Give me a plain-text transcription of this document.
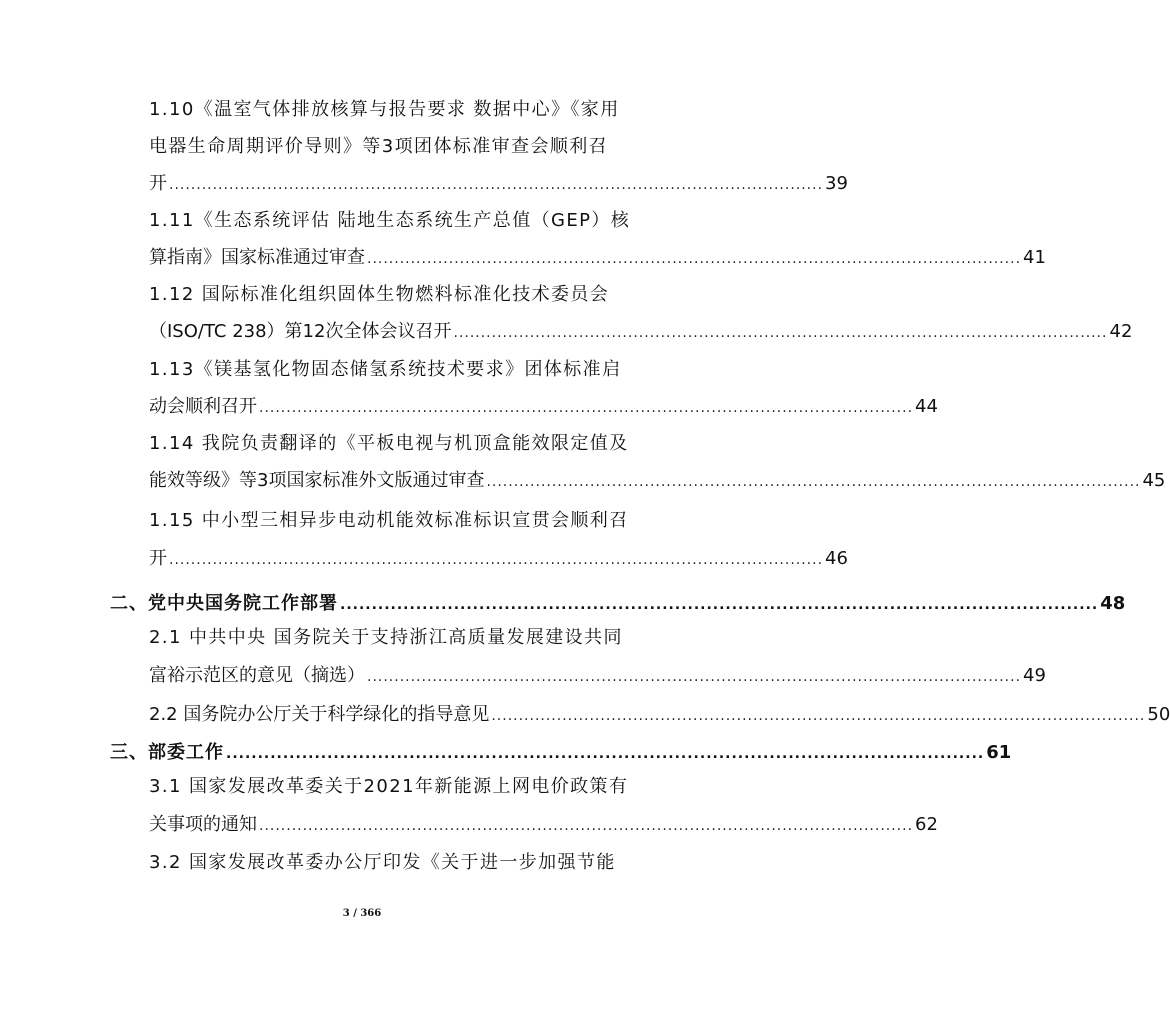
1.10《温室气体排放核算与报告要求 数据中心》《家用
电器生命周期评价导则》等3项团体标准审查会顺利召
开 ........................................................................................................................ 39
1.11《生态系统评估 陆地生态系统生产总值（GEP）核
算指南》国家标准通过审查 ........................................................................................................................ 41
1.12 国际标准化组织固体生物燃料标准化技术委员会
（ISO/TC 238）第12次全体会议召开 ........................................................................................................................ 42
1.13《镁基氢化物固态储氢系统技术要求》团体标准启
动会顺利召开 ........................................................................................................................ 44
1.14 我院负责翻译的《平板电视与机顶盒能效限定值及
能效等级》等3项国家标准外文版通过审查 ........................................................................................................................ 45
1.15 中小型三相异步电动机能效标准标识宣贯会顺利召
开 ........................................................................................................................ 46
二、党中央国务院工作部署 ........................................................................................................................ 48
2.1 中共中央 国务院关于支持浙江高质量发展建设共同
富裕示范区的意见（摘选） ........................................................................................................................ 49
2.2 国务院办公厅关于科学绿化的指导意见 ........................................................................................................................ 50
三、部委工作 ........................................................................................................................ 61
3.1 国家发展改革委关于2021年新能源上网电价政策有
关事项的通知 ........................................................................................................................ 62
3.2 国家发展改革委办公厅印发《关于进一步加强节能
3 / 366
